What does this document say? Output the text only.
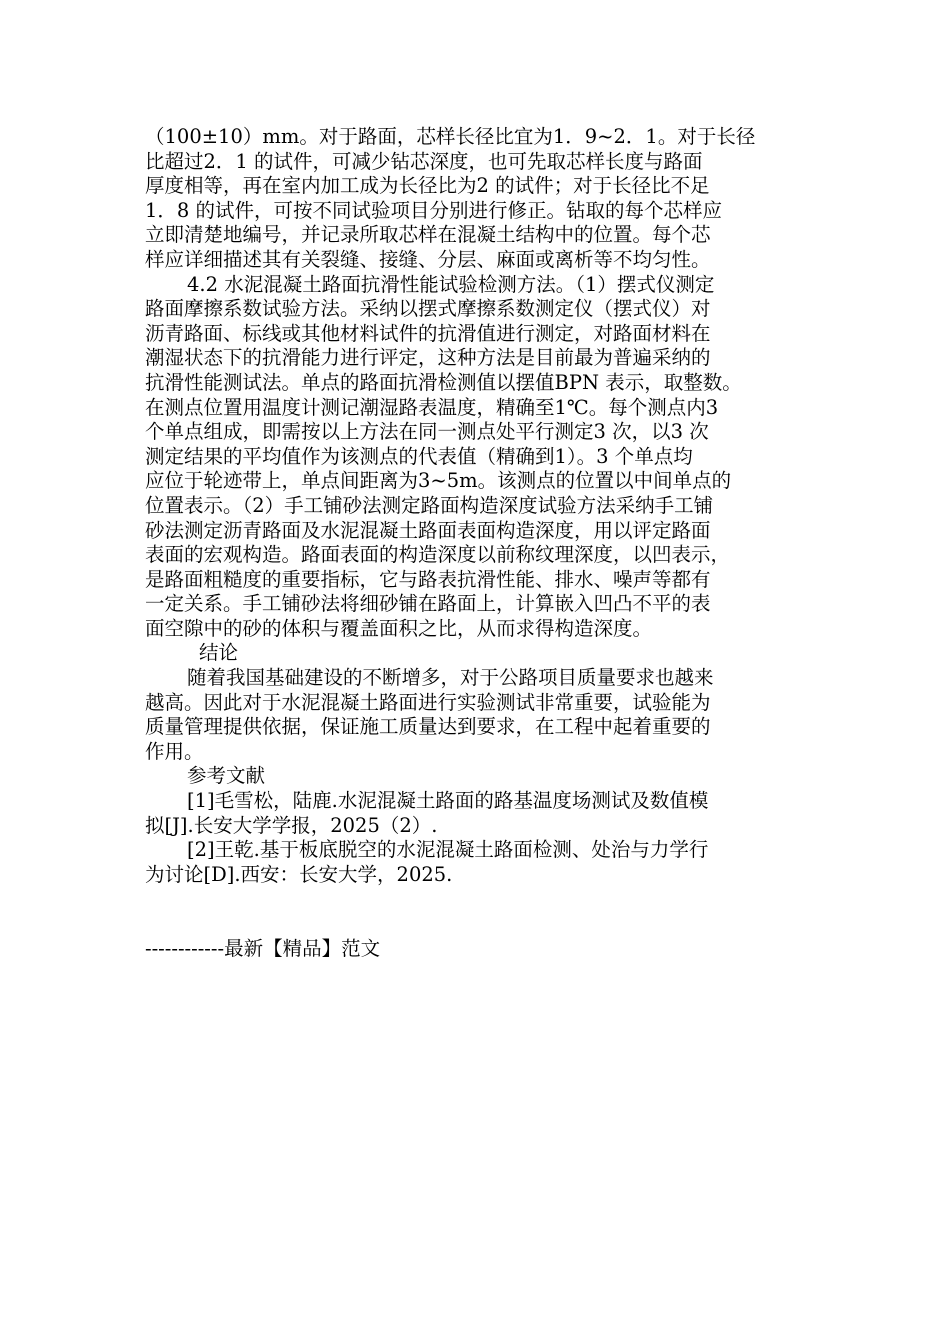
（100±10）mm。对于路面，芯样长径比宜为1．9~2．1。对于长径
比超过2．1 的试件，可减少钻芯深度，也可先取芯样长度与路面
厚度相等，再在室内加工成为长径比为2 的试件；对于长径比不足
1．8 的试件，可按不同试验项目分别进行修正。钻取的每个芯样应
立即清楚地编号，并记录所取芯样在混凝土结构中的位置。每个芯
样应详细描述其有关裂缝、接缝、分层、麻面或离析等不均匀性。
4.2 水泥混凝土路面抗滑性能试验检测方法。（1）摆式仪测定
路面摩擦系数试验方法。采纳以摆式摩擦系数测定仪（摆式仪）对
沥青路面、标线或其他材料试件的抗滑值进行测定，对路面材料在
潮湿状态下的抗滑能力进行评定，这种方法是目前最为普遍采纳的
抗滑性能测试法。单点的路面抗滑检测值以摆值BPN 表示，取整数。
在测点位置用温度计测记潮湿路表温度，精确至1℃。每个测点内3
个单点组成，即需按以上方法在同一测点处平行测定3 次，以3 次
测定结果的平均值作为该测点的代表值（精确到1）。3 个单点均
应位于轮迹带上，单点间距离为3~5m。该测点的位置以中间单点的
位置表示。（2）手工铺砂法测定路面构造深度试验方法采纳手工铺
砂法测定沥青路面及水泥混凝土路面表面构造深度，用以评定路面
表面的宏观构造。路面表面的构造深度以前称纹理深度，以凹表示，
是路面粗糙度的重要指标，它与路表抗滑性能、排水、噪声等都有
一定关系。手工铺砂法将细砂铺在路面上，计算嵌入凹凸不平的表
面空隙中的砂的体积与覆盖面积之比，从而求得构造深度。
结论
随着我国基础建设的不断增多，对于公路项目质量要求也越来
越高。因此对于水泥混凝土路面进行实验测试非常重要，试验能为
质量管理提供依据，保证施工质量达到要求，在工程中起着重要的
作用。
参考文献
[1]毛雪松，陆鹿.水泥混凝土路面的路基温度场测试及数值模
拟[J].长安大学学报，2025（2）.
[2]王乾.基于板底脱空的水泥混凝土路面检测、处治与力学行
为讨论[D].西安：长安大学，2025.
------------最新【精品】范文
